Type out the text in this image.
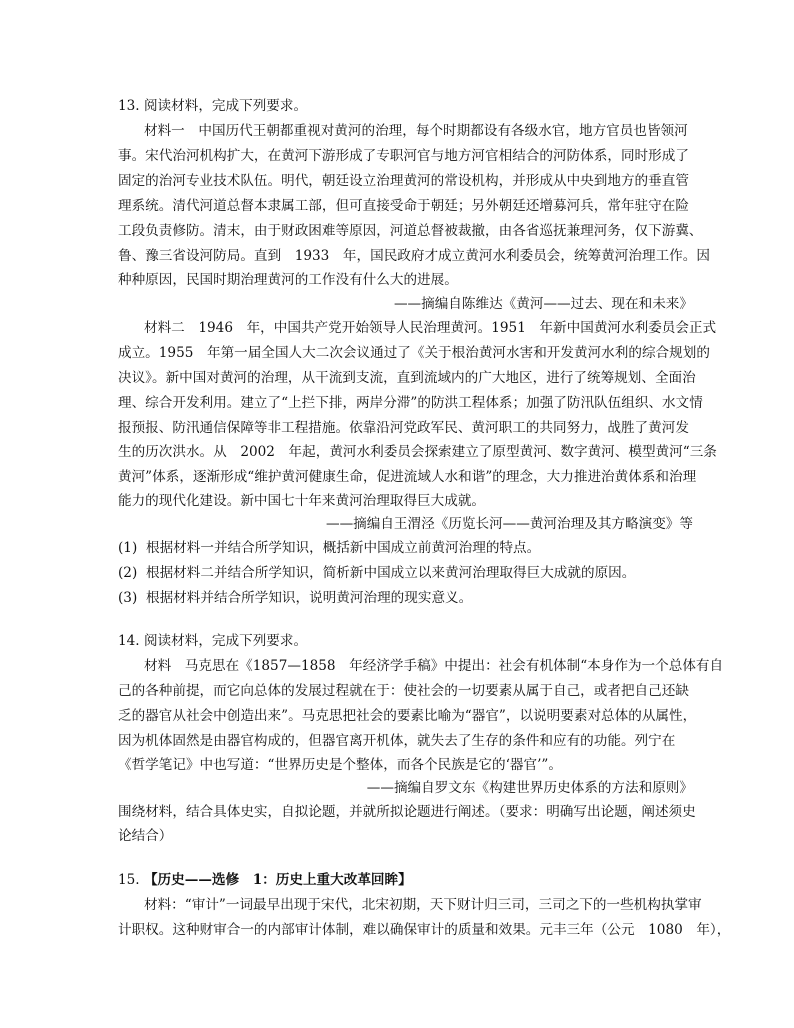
13. 阅读材料，完成下列要求。
材料一　中国历代王朝都重视对黄河的治理，每个时期都设有各级水官，地方官员也皆领河
事。宋代治河机构扩大，在黄河下游形成了专职河官与地方河官相结合的河防体系，同时形成了
固定的治河专业技术队伍。明代，朝廷设立治理黄河的常设机构，并形成从中央到地方的垂直管
理系统。清代河道总督本隶属工部，但可直接受命于朝廷；另外朝廷还增募河兵，常年驻守在险
工段负责修防。清末，由于财政困难等原因，河道总督被裁撤，由各省巡抚兼理河务，仅下游冀、
鲁、豫三省设河防局。直到　1933　年，国民政府才成立黄河水利委员会，统筹黄河治理工作。因
种种原因，民国时期治理黄河的工作没有什么大的进展。
——摘编自陈维达《黄河——过去、现在和未来》
材料二　1946　年，中国共产党开始领导人民治理黄河。1951　年新中国黄河水利委员会正式
成立。1955　年第一届全国人大二次会议通过了《关于根治黄河水害和开发黄河水利的综合规划的
决议》。新中国对黄河的治理，从干流到支流，直到流域内的广大地区，进行了统筹规划、全面治
理、综合开发利用。建立了“上拦下排，两岸分滞”的防洪工程体系；加强了防汛队伍组织、水文情
报预报、防汛通信保障等非工程措施。依靠沿河党政军民、黄河职工的共同努力，战胜了黄河发
生的历次洪水。从　2002　年起，黄河水利委员会探索建立了原型黄河、数字黄河、模型黄河“三条
黄河”体系，逐渐形成“维护黄河健康生命，促进流域人水和谐”的理念，大力推进治黄体系和治理
能力的现代化建设。新中国七十年来黄河治理取得巨大成就。
——摘编自王渭泾《历览长河——黄河治理及其方略演变》等
(1) 根据材料一并结合所学知识，概括新中国成立前黄河治理的特点。
(2) 根据材料二并结合所学知识，简析新中国成立以来黄河治理取得巨大成就的原因。
(3) 根据材料并结合所学知识，说明黄河治理的现实意义。
14. 阅读材料，完成下列要求。
材料　马克思在《1857—1858　年经济学手稿》中提出：社会有机体制“本身作为一个总体有自
己的各种前提，而它向总体的发展过程就在于：使社会的一切要素从属于自己，或者把自己还缺
乏的器官从社会中创造出来”。马克思把社会的要素比喻为“器官”，以说明要素对总体的从属性，
因为机体固然是由器官构成的，但器官离开机体，就失去了生存的条件和应有的功能。列宁在
《哲学笔记》中也写道：“世界历史是个整体，而各个民族是它的‘器官’”。
——摘编自罗文东《构建世界历史体系的方法和原则》
围绕材料，结合具体史实，自拟论题，并就所拟论题进行阐述。（要求：明确写出论题，阐述须史
论结合）
15. 【历史——选修　1：历史上重大改革回眸】
材料：“审计”一词最早出现于宋代，北宋初期，天下财计归三司，三司之下的一些机构执掌审
计职权。这种财审合一的内部审计体制，难以确保审计的质量和效果。元丰三年（公元　1080　年），
